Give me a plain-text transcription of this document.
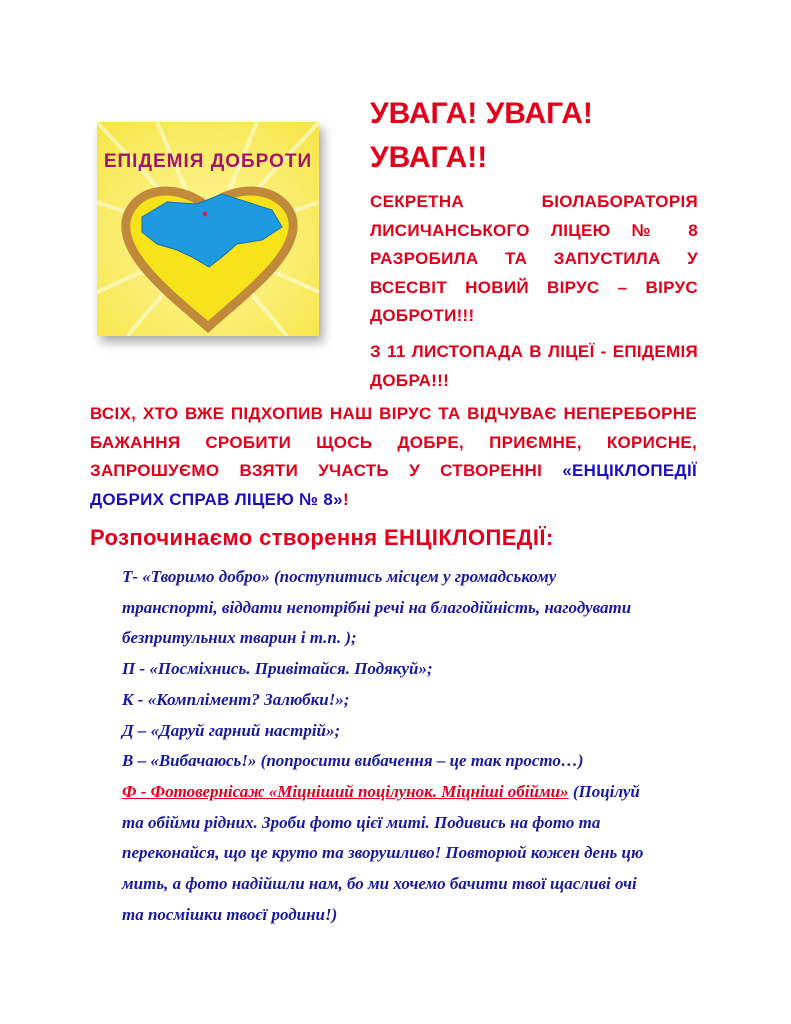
ЕПІДЕМІЯ ДОБРОТИ
УВАГА! УВАГА! УВАГА!!
СЕКРЕТНА БІОЛАБОРАТОРІЯ ЛИСИЧАНСЬКОГО ЛІЦЕЮ № 8 РАЗРОБИЛА ТА ЗАПУСТИЛА У ВСЕСВІТ НОВИЙ ВІРУС – ВІРУС ДОБРОТИ!!!
З 11 ЛИСТОПАДА В ЛІЦЕЇ - ЕПІДЕМІЯ ДОБРА!!!
ВСІХ, ХТО ВЖЕ ПІДХОПИВ НАШ ВІРУС ТА ВІДЧУВАЄ НЕПЕРЕБОРНЕ БАЖАННЯ СРОБИТИ ЩОСЬ ДОБРЕ, ПРИЄМНЕ, КОРИСНЕ, ЗАПРОШУЄМО ВЗЯТИ УЧАСТЬ У СТВОРЕННІ «ЕНЦІКЛОПЕДІЇ ДОБРИХ СПРАВ ЛІЦЕЮ № 8»!
Розпочинаємо створення ЕНЦІКЛОПЕДІЇ:
Т- «Творимо добро» (поступитись місцем у громадському
транспорті, віддати непотрібні речі на благодійність, нагодувати
безпритульних тварин і т.п. );
П - «Посміхнись. Привітайся. Подякуй»;
К - «Комплімент? Залюбки!»;
Д – «Даруй гарний настрій»;
В – «Вибачаюсь!» (попросити вибачення – це так просто…)
Ф - Фотовернісаж «Міцніший поцілунок. Міцніші обійми» (Поцілуй
та обійми рідних. Зроби фото цієї миті. Подивись на фото та
переконайся, що це круто та зворушливо! Повторюй кожен день цю
мить, а фото надійшли нам, бо ми хочемо бачити твої щасливі очі
та посмішки твоєї родини!)
